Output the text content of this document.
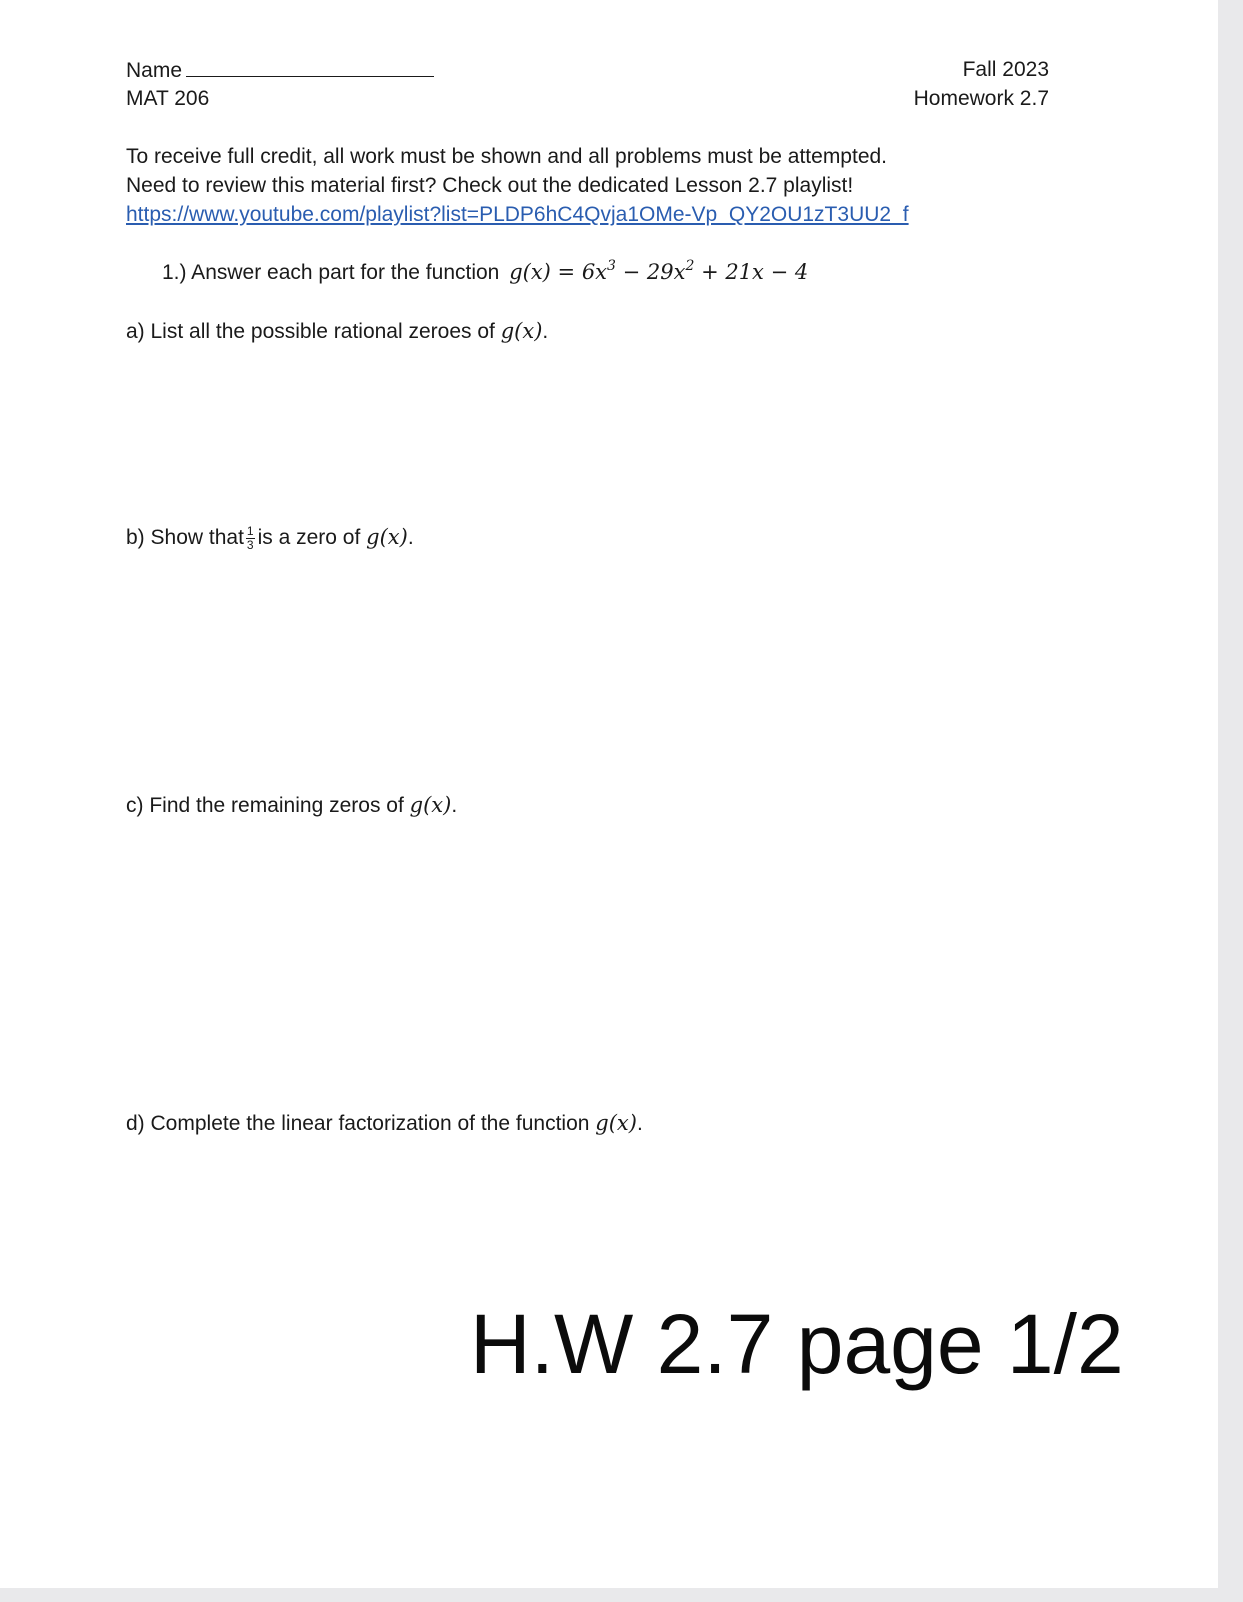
Name
MAT 206
Fall 2023
Homework 2.7
To receive full credit, all work must be shown and all problems must be attempted.
Need to review this material first? Check out the dedicated Lesson 2.7 playlist!
https://www.youtube.com/playlist?list=PLDP6hC4Qvja1OMe-Vp_QY2OU1zT3UU2_f
1.) Answer each part for the function $g(x) = 6x^3 - 29x^2 + 21x - 4$
a) List all the possible rational zeroes of g(x).
b) Show that $\frac{1}{3}$ is a zero of g(x).
c) Find the remaining zeros of g(x).
d) Complete the linear factorization of the function g(x).
H.W 2.7 page 1/2
